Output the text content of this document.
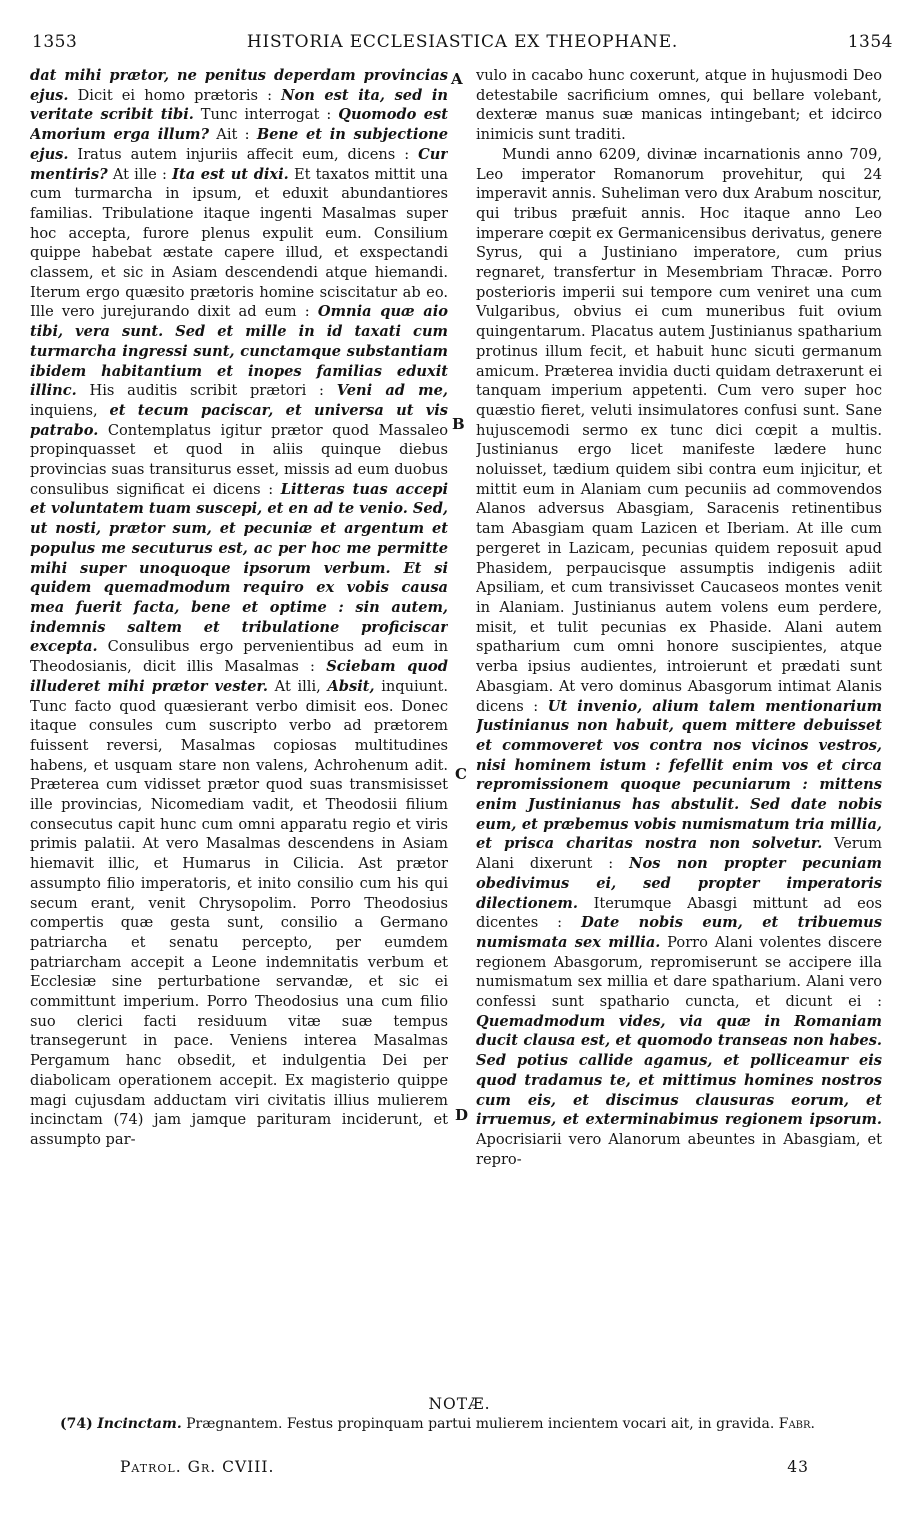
1353	HISTORIA ECCLESIASTICA EX THEOPHANE.	1354

dat mihi prætor, ne penitus deperdam provincias ejus. Dicit ei homo prætoris : Non est ita, sed in veritate scribit tibi. Tunc interrogat : Quomodo est Amorium erga illum? Ait : Bene et in subjectione ejus. Iratus autem injuriis affecit eum, dicens : Cur mentiris? At ille : Ita est ut dixi. Et taxatos mittit una cum turmarcha in ipsum, et eduxit abundantiores familias. Tribulatione itaque ingenti Masalmas super hoc accepta, furore plenus expulit eum. Consilium quippe habebat æstate capere illud, et exspectandi classem, et sic in Asiam descendendi atque hiemandi. Iterum ergo quæsito prætoris homine sciscitatur ab eo. Ille vero jurejurando dixit ad eum : Omnia quæ aio tibi, vera sunt. Sed et mille in id taxati cum turmarcha ingressi sunt, cunctamque substantiam ibidem habitantium et inopes familias eduxit illinc. His auditis scribit prætori : Veni ad me, inquiens, et tecum paciscar, et universa ut vis patrabo. Contemplatus igitur prætor quod Massaleo propinquasset et quod in aliis quinque diebus provincias suas transiturus esset, missis ad eum duobus consulibus significat ei dicens : Litteras tuas accepi et voluntatem tuam suscepi, et en ad te venio. Sed, ut nosti, prætor sum, et pecuniæ et argentum et populus me secuturus est, ac per hoc me permitte mihi super unoquoque ipsorum verbum. Et si quidem quemadmodum requiro ex vobis causa mea fuerit facta, bene et optime : sin autem, indemnis saltem et tribulatione proficiscar excepta. Consulibus ergo pervenientibus ad eum in Theodosianis, dicit illis Masalmas : Sciebam quod illuderet mihi prætor vester. At illi, Absit, inquiunt. Tunc facto quod quæsierant verbo dimisit eos. Donec itaque consules cum suscripto verbo ad prætorem fuissent reversi, Masalmas copiosas multitudines habens, et usquam stare non valens, Achrohenum adit. Præterea cum vidisset prætor quod suas transmisisset ille provincias, Nicomediam vadit, et Theodosii filium consecutus capit hunc cum omni apparatu regio et viris primis palatii. At vero Masalmas descendens in Asiam hiemavit illic, et Humarus in Cilicia. Ast prætor assumpto filio imperatoris, et inito consilio cum his qui secum erant, venit Chrysopolim. Porro Theodosius compertis quæ gesta sunt, consilio a Germano patriarcha et senatu percepto, per eumdem patriarcham accepit a Leone indemnitatis verbum et Ecclesiæ sine perturbatione servandæ, et sic ei committunt imperium. Porro Theodosius una cum filio suo clerici facti residuum vitæ suæ tempus transegerunt in pace. Veniens interea Masalmas Pergamum hanc obsedit, et indulgentia Dei per diabolicam operationem accepit. Ex magisterio quippe magi cujusdam adductam viri civitatis illius mulierem incinctam (74) jam jamque parituram inciderunt, et assumpto par-

vulo in cacabo hunc coxerunt, atque in hujusmodi Deo detestabile sacrificium omnes, qui bellare volebant, dexteræ manus suæ manicas intingebant; et idcirco inimicis sunt traditi.

Mundi anno 6209, divinæ incarnationis anno 709, Leo imperator Romanorum provehitur, qui 24 imperavit annis. Suheliman vero dux Arabum noscitur, qui tribus præfuit annis. Hoc itaque anno Leo imperare cœpit ex Germanicensibus derivatus, genere Syrus, qui a Justiniano imperatore, cum prius regnaret, transfertur in Mesembriam Thracæ. Porro posterioris imperii sui tempore cum veniret una cum Vulgaribus, obvius ei cum muneribus fuit ovium quingentarum. Placatus autem Justinianus spatharium protinus illum fecit, et habuit hunc sicuti germanum amicum. Præterea invidia ducti quidam detraxerunt ei tanquam imperium appetenti. Cum vero super hoc quæstio fieret, veluti insimulatores confusi sunt. Sane hujuscemodi sermo ex tunc dici cœpit a multis. Justinianus ergo licet manifeste lædere hunc noluisset, tædium quidem sibi contra eum injicitur, et mittit eum in Alaniam cum pecuniis ad commovendos Alanos adversus Abasgiam, Saracenis retinentibus tam Abasgiam quam Lazicen et Iberiam. At ille cum pergeret in Lazicam, pecunias quidem reposuit apud Phasidem, perpaucisque assumptis indigenis adiit Apsiliam, et cum transivisset Caucaseos montes venit in Alaniam. Justinianus autem volens eum perdere, misit, et tulit pecunias ex Phaside. Alani autem spatharium cum omni honore suscipientes, atque verba ipsius audientes, introierunt et prædati sunt Abasgiam. At vero dominus Abasgorum intimat Alanis dicens : Ut invenio, alium talem mentionarium Justinianus non habuit, quem mittere debuisset et commoveret vos contra nos vicinos vestros, nisi hominem istum : fefellit enim vos et circa repromissionem quoque pecuniarum : mittens enim Justinianus has abstulit. Sed date nobis eum, et præbemus vobis numismatum tria millia, et prisca charitas nostra non solvetur. Verum Alani dixerunt : Nos non propter pecuniam obedivimus ei, sed propter imperatoris dilectionem. Iterumque Abasgi mittunt ad eos dicentes : Date nobis eum, et tribuemus numismata sex millia. Porro Alani volentes discere regionem Abasgorum, repromiserunt se accipere illa numismatum sex millia et dare spatharium. Alani vero confessi sunt spathario cuncta, et dicunt ei : Quemadmodum vides, via quæ in Romaniam ducit clausa est, et quomodo transeas non habes. Sed potius callide agamus, et polliceamur eis quod tradamus te, et mittimus homines nostros cum eis, et discimus clausuras eorum, et irruemus, et exterminabimus regionem ipsorum. Apocrisiarii vero Alanorum abeuntes in Abasgiam, et repro-

A
B
C
D
NOTÆ.
(74) Incinctam. Prægnantem. Festus propinquam partui mulierem incientem vocari ait, in gravida. Fabr.
Patrol. Gr. CVIII.	43
